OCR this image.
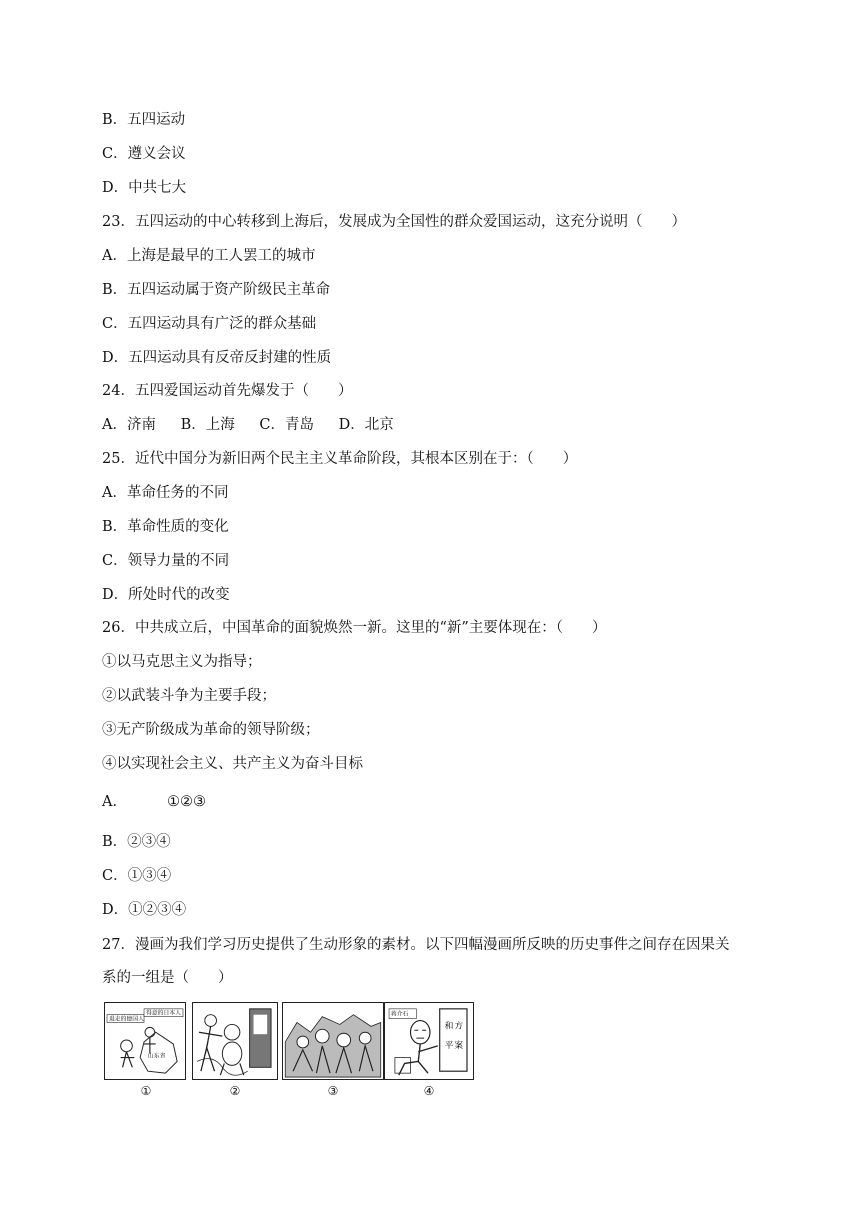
B．五四运动
C．遵义会议
D．中共七大
23．五四运动的中心转移到上海后，发展成为全国性的群众爱国运动，这充分说明（　　）
A．上海是最早的工人罢工的城市
B．五四运动属于资产阶级民主革命
C．五四运动具有广泛的群众基础
D．五四运动具有反帝反封建的性质
24．五四爱国运动首先爆发于（　　）
A．济南 B．上海 C．青岛 D．北京
25．近代中国分为新旧两个民主主义革命阶段，其根本区别在于：（　　）
A．革命任务的不同
B．革命性质的变化
C．领导力量的不同
D．所处时代的改变
26．中共成立后，中国革命的面貌焕然一新。这里的“新”主要体现在：（　　）
①以马克思主义为指导；
②以武装斗争为主要手段；
③无产阶级成为革命的领导阶级；
④以实现社会主义、共产主义为奋斗目标
A．	①②③
B．②③④
C．①③④
D．①②③④
27．漫画为我们学习历史提供了生动形象的素材。以下四幅漫画所反映的历史事件之间存在因果关
系的一组是（　　）
退走的德国人
得意的日本人
山东省
蒋介石
和 方
平 案
①	②	③	④
